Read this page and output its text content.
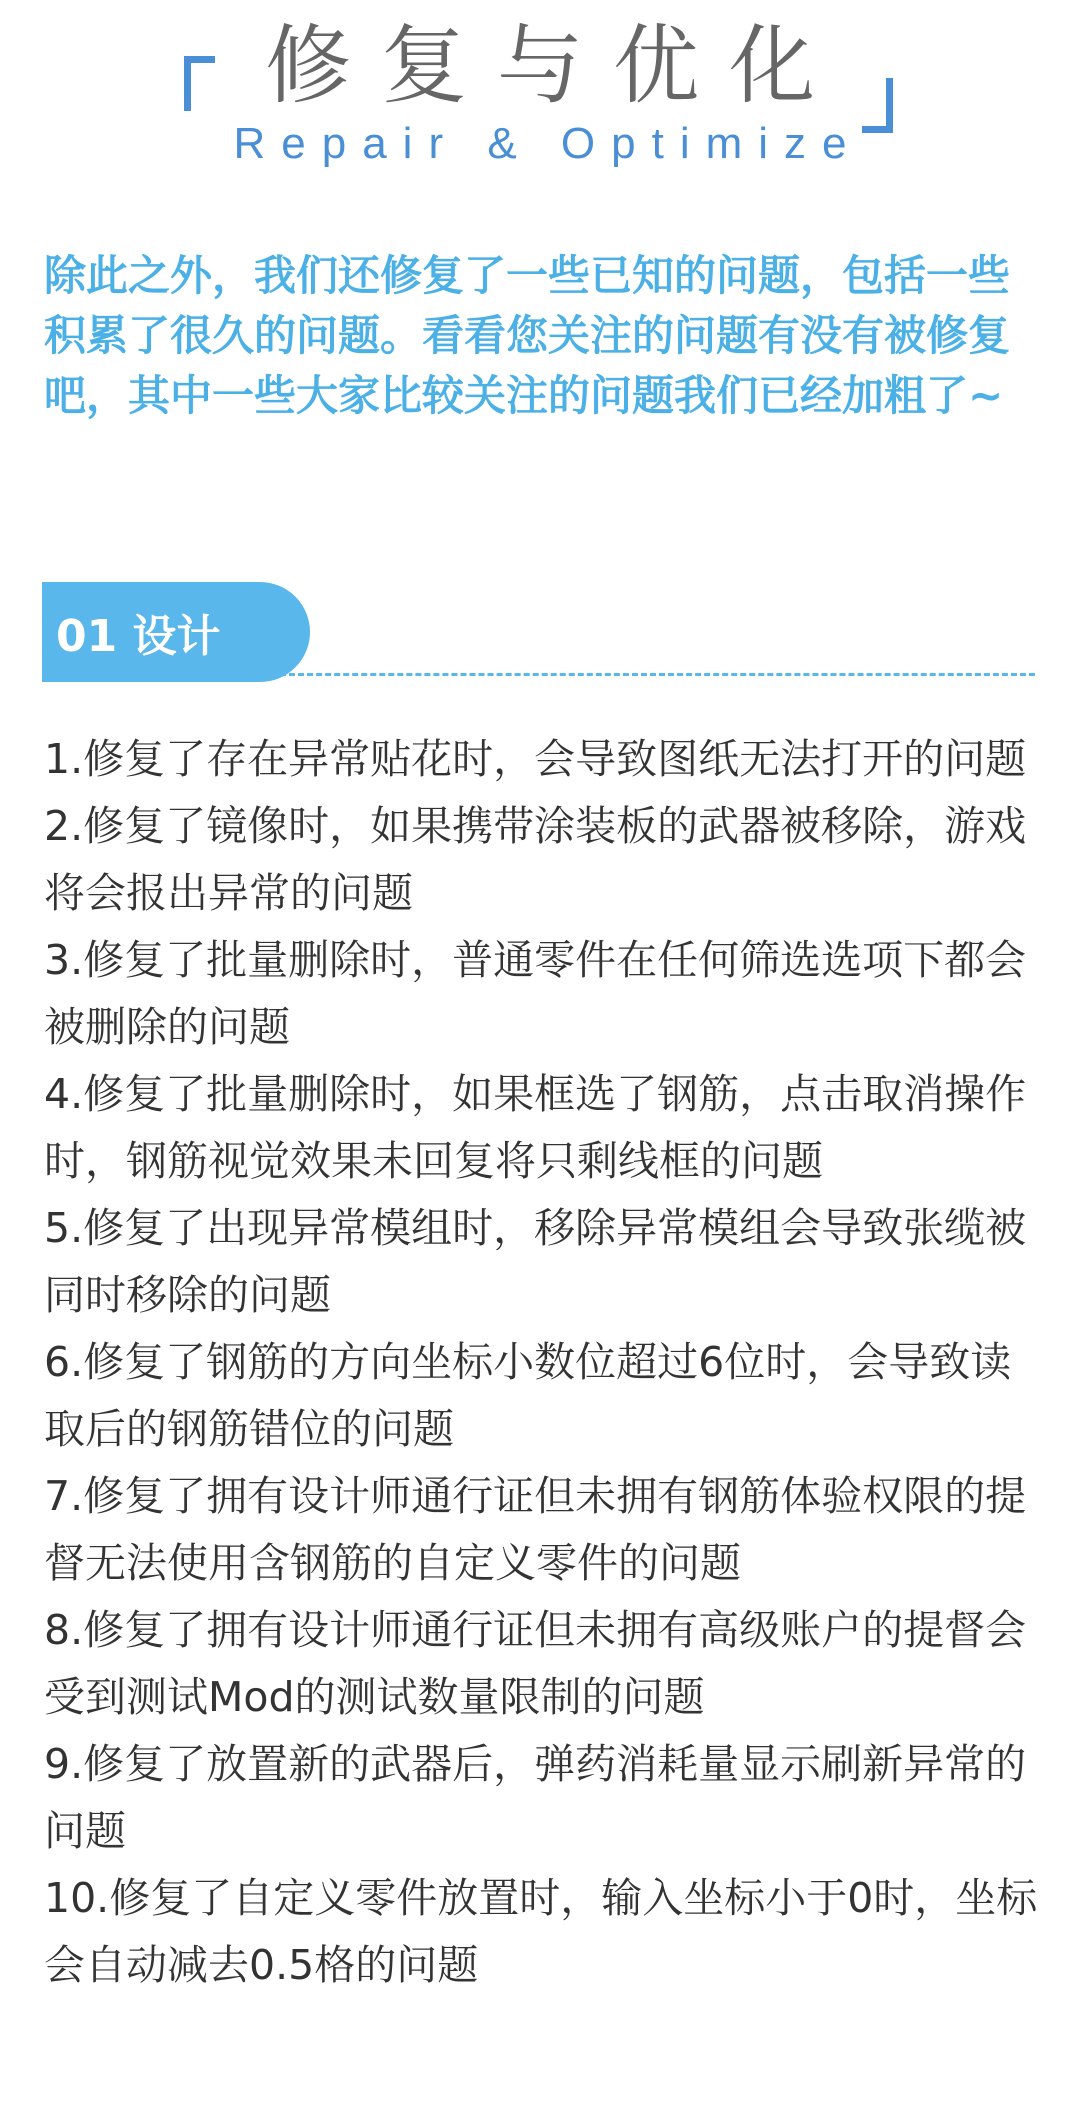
修复与优化
Repair & Optimize

除此之外，我们还修复了一些已知的问题，包括一些积累了很久的问题。看看您关注的问题有没有被修复吧，其中一些大家比较关注的问题我们已经加粗了~

01 设计
1.修复了存在异常贴花时，会导致图纸无法打开的问题
2.修复了镜像时，如果携带涂装板的武器被移除，游戏将会报出异常的问题
3.修复了批量删除时，普通零件在任何筛选选项下都会被删除的问题
4.修复了批量删除时，如果框选了钢筋，点击取消操作时，钢筋视觉效果未回复将只剩线框的问题
5.修复了出现异常模组时，移除异常模组会导致张缆被同时移除的问题
6.修复了钢筋的方向坐标小数位超过6位时，会导致读取后的钢筋错位的问题
7.修复了拥有设计师通行证但未拥有钢筋体验权限的提督无法使用含钢筋的自定义零件的问题
8.修复了拥有设计师通行证但未拥有高级账户的提督会受到测试Mod的测试数量限制的问题
9.修复了放置新的武器后，弹药消耗量显示刷新异常的问题
10.修复了自定义零件放置时，输入坐标小于0时，坐标会自动减去0.5格的问题
